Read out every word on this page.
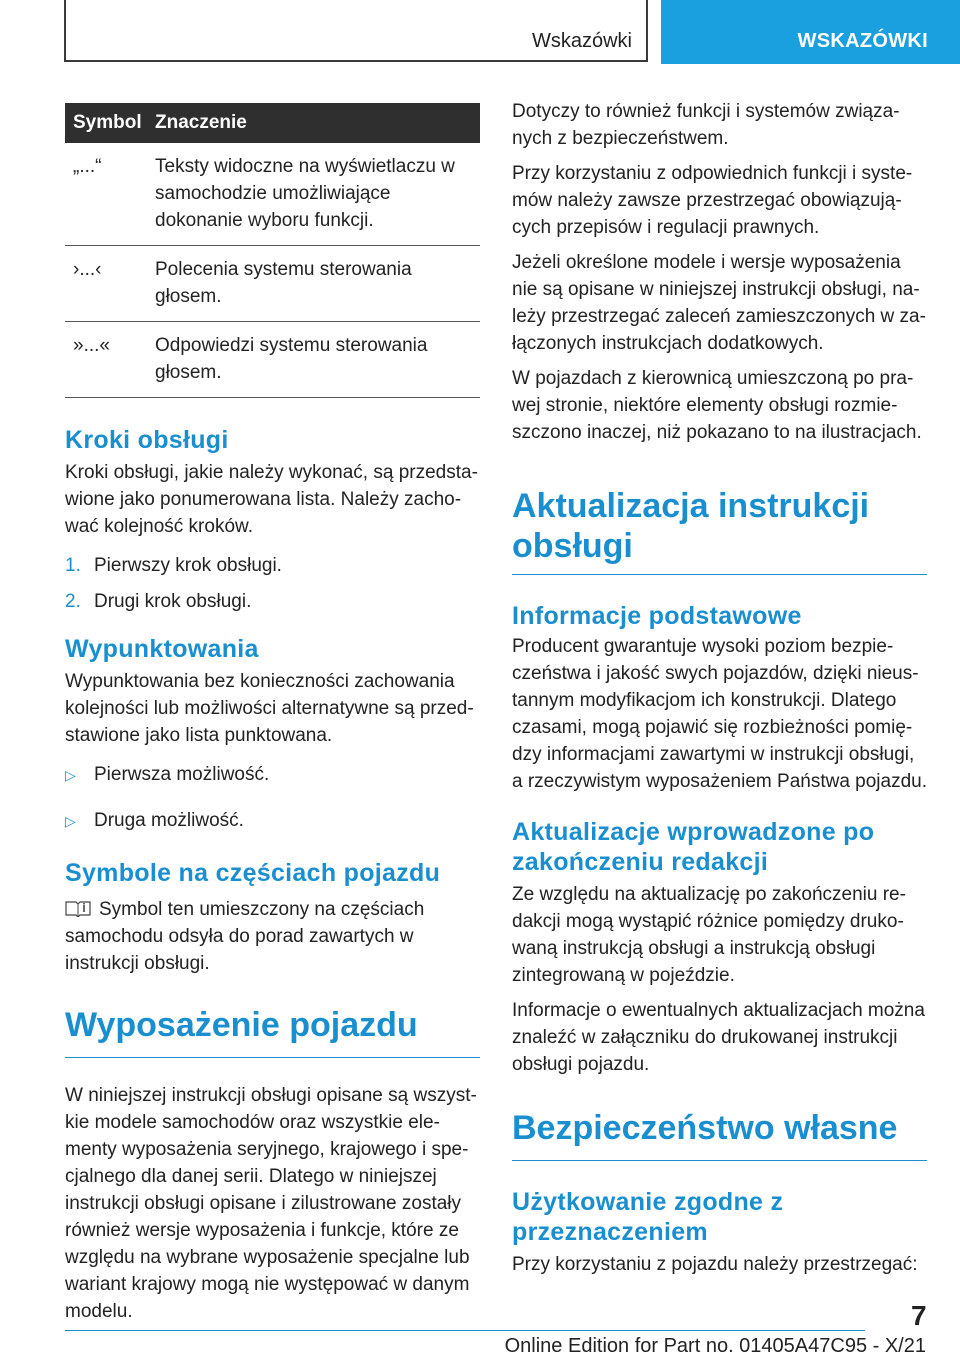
Wskazówki	WSKAZÓWKI
Symbol	Znaczenie
„...“	Teksty widoczne na wyświetlaczu w samochodzie umożliwiające dokonanie wyboru funkcji.
›...‹	Polecenia systemu sterowania głosem.
»...«	Odpowiedzi systemu sterowania głosem.
Kroki obsługi

Kroki obsługi, jakie należy wykonać, są przedstawione jako ponumerowana lista. Należy zachować kolejność kroków.

1. Pierwszy krok obsługi.
2. Drugi krok obsługi.
Wypunktowania

Wypunktowania bez konieczności zachowania kolejności lub możliwości alternatywne są przedstawione jako lista punktowana.

▷ Pierwsza możliwość.
▷ Druga możliwość.
Symbole na częściach pojazdu

Symbol ten umieszczony na częściach samochodu odsyła do porad zawartych w instrukcji obsługi.

Wyposażenie pojazdu

W niniejszej instrukcji obsługi opisane są wszystkie modele samochodów oraz wszystkie elementy wyposażenia seryjnego, krajowego i specjalnego dla danej serii. Dlatego w niniejszej instrukcji obsługi opisane i zilustrowane zostały również wersje wyposażenia i funkcje, które ze względu na wybrane wyposażenie specjalne lub wariant krajowy mogą nie występować w danym modelu.

Dotyczy to również funkcji i systemów związanych z bezpieczeństwem.

Przy korzystaniu z odpowiednich funkcji i systemów należy zawsze przestrzegać obowiązujących przepisów i regulacji prawnych.

Jeżeli określone modele i wersje wyposażenia nie są opisane w niniejszej instrukcji obsługi, należy przestrzegać zaleceń zamieszczonych w załączonych instrukcjach dodatkowych.

W pojazdach z kierownicą umieszczoną po prawej stronie, niektóre elementy obsługi rozmieszczono inaczej, niż pokazano to na ilustracjach.

Aktualizacja instrukcji obsługi
Informacje podstawowe

Producent gwarantuje wysoki poziom bezpieczeństwa i jakość swych pojazdów, dzięki nieustannym modyfikacjom ich konstrukcji. Dlatego czasami, mogą pojawić się rozbieżności pomiędzy informacjami zawartymi w instrukcji obsługi, a rzeczywistym wyposażeniem Państwa pojazdu.

Aktualizacje wprowadzone po zakończeniu redakcji

Ze względu na aktualizację po zakończeniu redakcji mogą wystąpić różnice pomiędzy drukowaną instrukcją obsługi a instrukcją obsługi zintegrowaną w pojeździe.

Informacje o ewentualnych aktualizacjach można znaleźć w załączniku do drukowanej instrukcji obsługi pojazdu.

Bezpieczeństwo własne
Użytkowanie zgodne z przeznaczeniem

Przy korzystaniu z pojazdu należy przestrzegać:

7
Online Edition for Part no. 01405A47C95 - X/21
